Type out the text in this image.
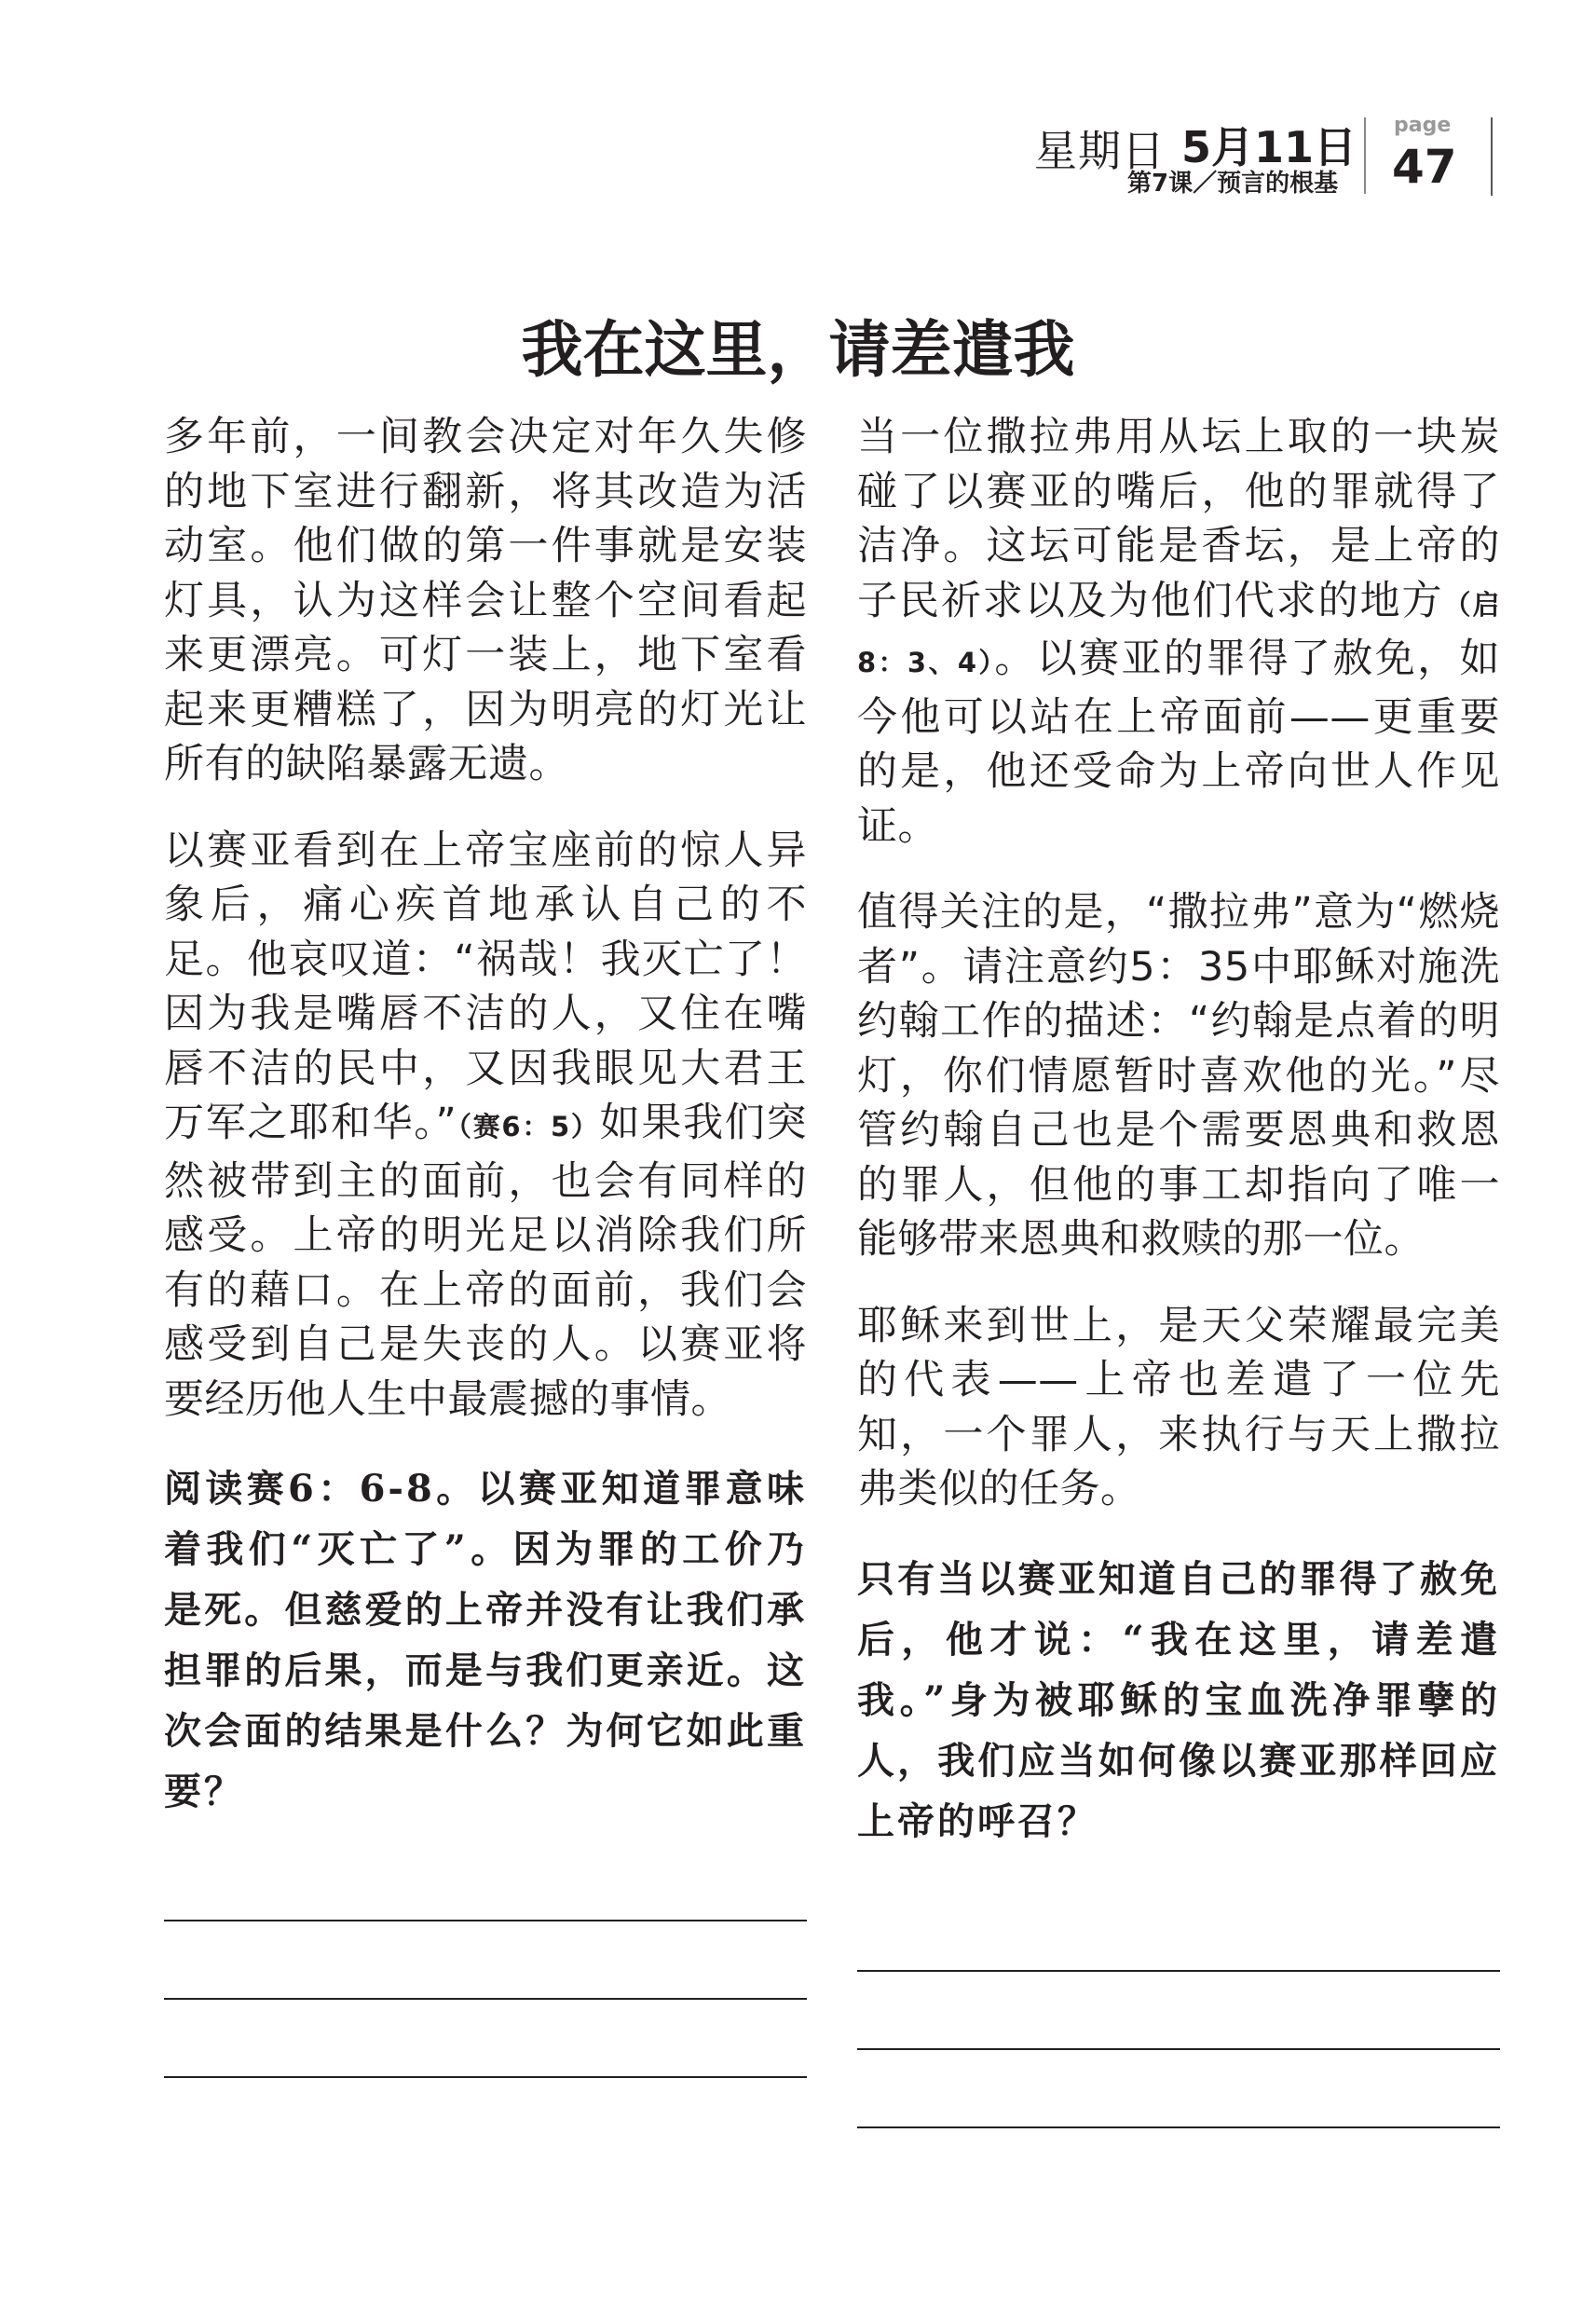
星期日 5月11日
第7课／预言的根基
page
47
我在这里，请差遣我

多年前，一间教会决定对年久失修的地下室进行翻新，将其改造为活动室。他们做的第一件事就是安装灯具，认为这样会让整个空间看起来更漂亮。可灯一装上，地下室看起来更糟糕了，因为明亮的灯光让所有的缺陷暴露无遗。

以赛亚看到在上帝宝座前的惊人异象后，痛心疾首地承认自己的不足。他哀叹道：“祸哉！我灭亡了！因为我是嘴唇不洁的人，又住在嘴唇不洁的民中，又因我眼见大君王万军之耶和华。”（赛6：5）如果我们突然被带到主的面前，也会有同样的感受。上帝的明光足以消除我们所有的藉口。在上帝的面前，我们会感受到自己是失丧的人。以赛亚将要经历他人生中最震撼的事情。

阅读赛6：6-8。以赛亚知道罪意味着我们“灭亡了”。因为罪的工价乃是死。但慈爱的上帝并没有让我们承担罪的后果，而是与我们更亲近。这次会面的结果是什么？为何它如此重要？

当一位撒拉弗用从坛上取的一块炭碰了以赛亚的嘴后，他的罪就得了洁净。这坛可能是香坛，是上帝的子民祈求以及为他们代求的地方（启8：3、4）。以赛亚的罪得了赦免，如今他可以站在上帝面前——更重要的是，他还受命为上帝向世人作见证。

值得关注的是，“撒拉弗”意为“燃烧者”。请注意约5：35中耶稣对施洗约翰工作的描述：“约翰是点着的明灯，你们情愿暂时喜欢他的光。”尽管约翰自己也是个需要恩典和救恩的罪人，但他的事工却指向了唯一能够带来恩典和救赎的那一位。

耶稣来到世上，是天父荣耀最完美的代表——上帝也差遣了一位先知，一个罪人，来执行与天上撒拉弗类似的任务。

只有当以赛亚知道自己的罪得了赦免后，他才说：“我在这里，请差遣我。”身为被耶稣的宝血洗净罪孽的人，我们应当如何像以赛亚那样回应上帝的呼召？
